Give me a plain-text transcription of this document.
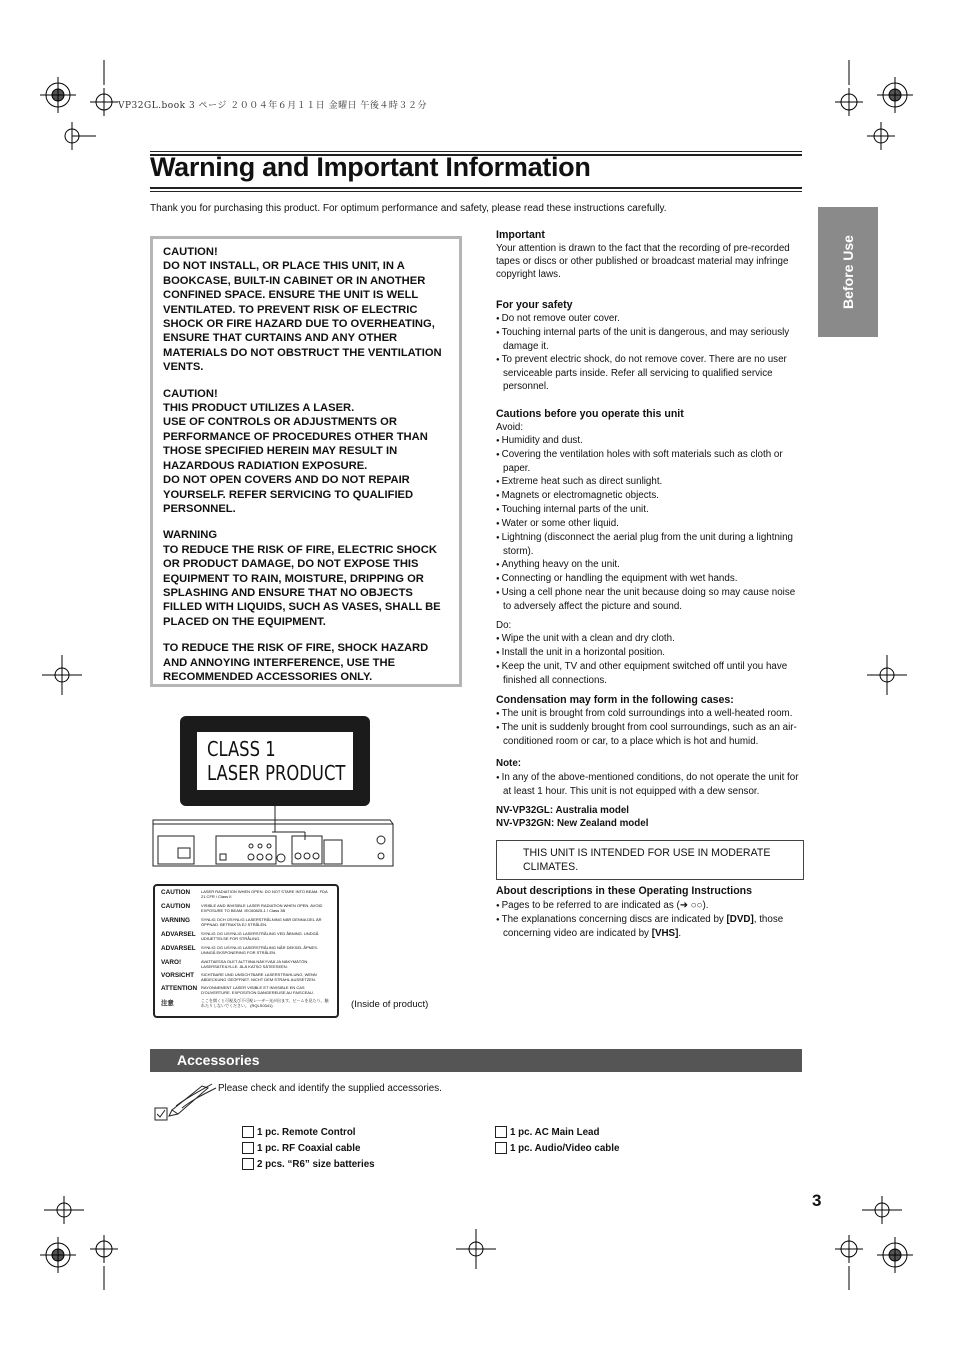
VP32GL.book 3 ページ ２００４年６月１１日 金曜日 午後４時３２分
Warning and Important Information
Thank you for purchasing this product. For optimum performance and safety, please read these instructions carefully.
Before Use

CAUTION!
DO NOT INSTALL, OR PLACE THIS UNIT, IN A BOOKCASE, BUILT-IN CABINET OR IN ANOTHER CONFINED SPACE. ENSURE THE UNIT IS WELL VENTILATED. TO PREVENT RISK OF ELECTRIC SHOCK OR FIRE HAZARD DUE TO OVERHEATING, ENSURE THAT CURTAINS AND ANY OTHER MATERIALS DO NOT OBSTRUCT THE VENTILATION VENTS.

CAUTION!
THIS PRODUCT UTILIZES A LASER.
USE OF CONTROLS OR ADJUSTMENTS OR PERFORMANCE OF PROCEDURES OTHER THAN THOSE SPECIFIED HEREIN MAY RESULT IN HAZARDOUS RADIATION EXPOSURE.
DO NOT OPEN COVERS AND DO NOT REPAIR YOURSELF. REFER SERVICING TO QUALIFIED PERSONNEL.

WARNING
TO REDUCE THE RISK OF FIRE, ELECTRIC SHOCK OR PRODUCT DAMAGE, DO NOT EXPOSE THIS EQUIPMENT TO RAIN, MOISTURE, DRIPPING OR SPLASHING AND ENSURE THAT NO OBJECTS FILLED WITH LIQUIDS, SUCH AS VASES, SHALL BE PLACED ON THE EQUIPMENT.

TO REDUCE THE RISK OF FIRE, SHOCK HAZARD AND ANNOYING INTERFERENCE, USE THE RECOMMENDED ACCESSORIES ONLY.

CLASS 1
LASER PRODUCT
CAUTION	LASER RADIATION WHEN OPEN. DO NOT STARE INTO BEAM. FDA 21 CFR / Class II
CAUTION	VISIBLE AND INVISIBLE LASER RADIATION WHEN OPEN. AVOID EXPOSURE TO BEAM. IEC60825-1 / Class 3B
VARNING	SYNLIG OCH OSYNLIG LASERSTRÅLNING NÄR DENNA DEL ÄR ÖPPNAD. BETRAKTA EJ STRÅLEN.
ADVARSEL SYNLIG OG USYNLIG LASERSTRÅLING VED ÅBNING. UNDGÅ UDSÆTTELSE FOR STRÅLING.
ADVARSEL SYNLIG OG USYNLIG LASERSTRÅLING NÅR DEKSEL ÅPNES. UNNGÅ EKSPONERING FOR STRÅLEN.
VARO!	AVATTAESSA OLET ALTTIINA NÄKYVÄÄ JA NÄKYMÄTÖN LASERSÄTEILYLLE. ÄLÄ KATSO SÄTEESEEN.
VORSICHT SICHTBARE UND UNSICHTBARE LASERSTRAHLUNG, WENN ABDECKUNG GEÖFFNET. NICHT DEM STRAHL AUSSETZEN.
ATTENTION RAYONNEMENT LASER VISIBLE ET INVISIBLE EN CAS D'OUVERTURE. EXPOSITION DANGEREUSE AU FAISCEAU.
注意	ここを開くと可視及び不可視レーザー光が出ます。ビームを見たり、触れたりしないでください。 (RQLS0341)	(Inside of product)
Important
Your attention is drawn to the fact that the recording of pre-recorded tapes or discs or other published or broadcast material may infringe copyright laws.
For your safety
● Do not remove outer cover.
● Touching internal parts of the unit is dangerous, and may seriously damage it.
● To prevent electric shock, do not remove cover. There are no user serviceable parts inside. Refer all servicing to qualified service personnel.
Cautions before you operate this unit
Avoid:
● Humidity and dust.
● Covering the ventilation holes with soft materials such as cloth or paper.
● Extreme heat such as direct sunlight.
● Magnets or electromagnetic objects.
● Touching internal parts of the unit.
● Water or some other liquid.
● Lightning (disconnect the aerial plug from the unit during a lightning storm).
● Anything heavy on the unit.
● Connecting or handling the equipment with wet hands.
● Using a cell phone near the unit because doing so may cause noise to adversely affect the picture and sound.
Do:
● Wipe the unit with a clean and dry cloth.
● Install the unit in a horizontal position.
● Keep the unit, TV and other equipment switched off until you have finished all connections.
Condensation may form in the following cases:
● The unit is brought from cold surroundings into a well-heated room.
● The unit is suddenly brought from cool surroundings, such as an air-conditioned room or car, to a place which is hot and humid.
Note:
● In any of the above-mentioned conditions, do not operate the unit for at least 1 hour. This unit is not equipped with a dew sensor.
NV-VP32GL: Australia model
NV-VP32GN: New Zealand model
THIS UNIT IS INTENDED FOR USE IN MODERATE CLIMATES.
About descriptions in these Operating Instructions
● Pages to be referred to are indicated as (➜ ○○).
● The explanations concerning discs are indicated by [DVD], those concerning video are indicated by [VHS].
Accessories
Please check and identify the supplied accessories.
1 pc. Remote Control
1 pc. RF Coaxial cable
2 pcs. “R6” size batteries
1 pc. AC Main Lead
1 pc. Audio/Video cable
3
